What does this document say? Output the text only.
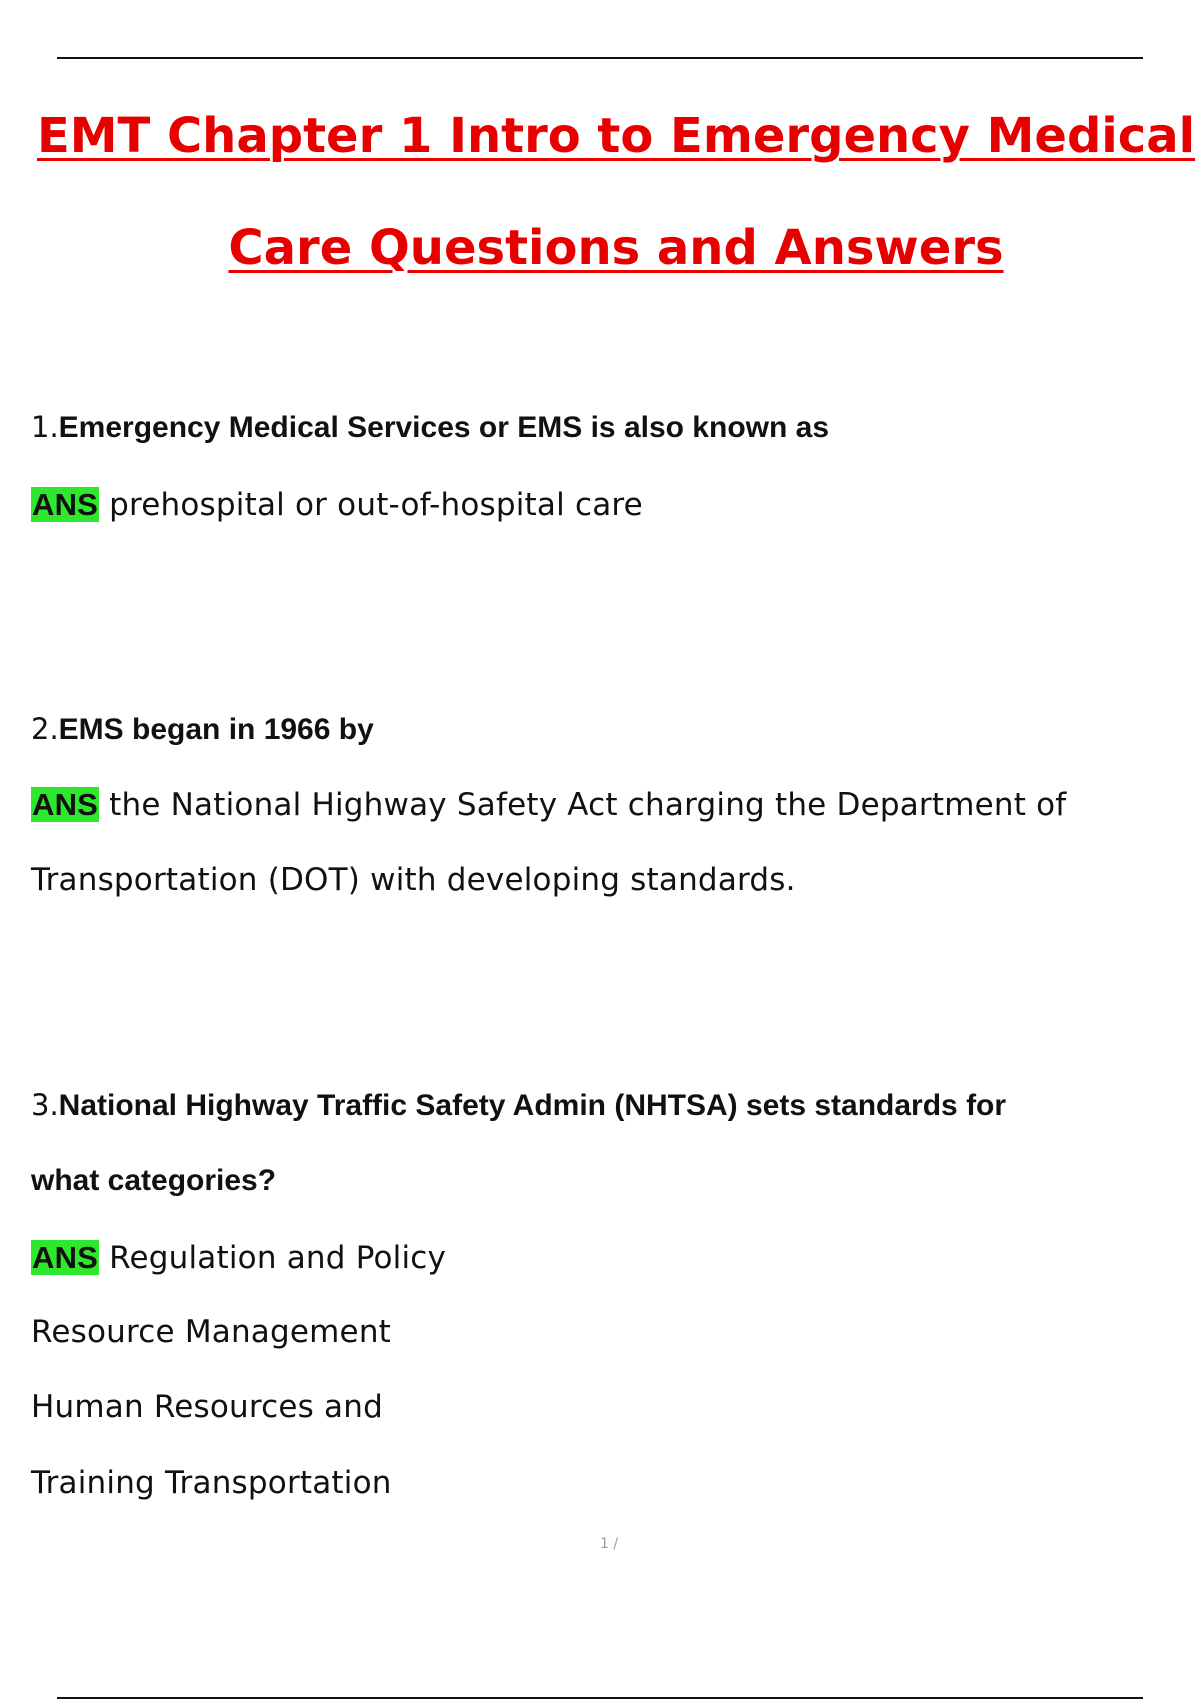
EMT Chapter 1 Intro to Emergency Medical
Care Questions and Answers
1.Emergency Medical Services or EMS is also known as
ANS prehospital or out-of-hospital care
2.EMS began in 1966 by
ANS the National Highway Safety Act charging the Department of
Transportation (DOT) with developing standards.
3.National Highway Traffic Safety Admin (NHTSA) sets standards for
what categories?
ANS Regulation and Policy
Resource Management
Human Resources and
Training Transportation
1 /
